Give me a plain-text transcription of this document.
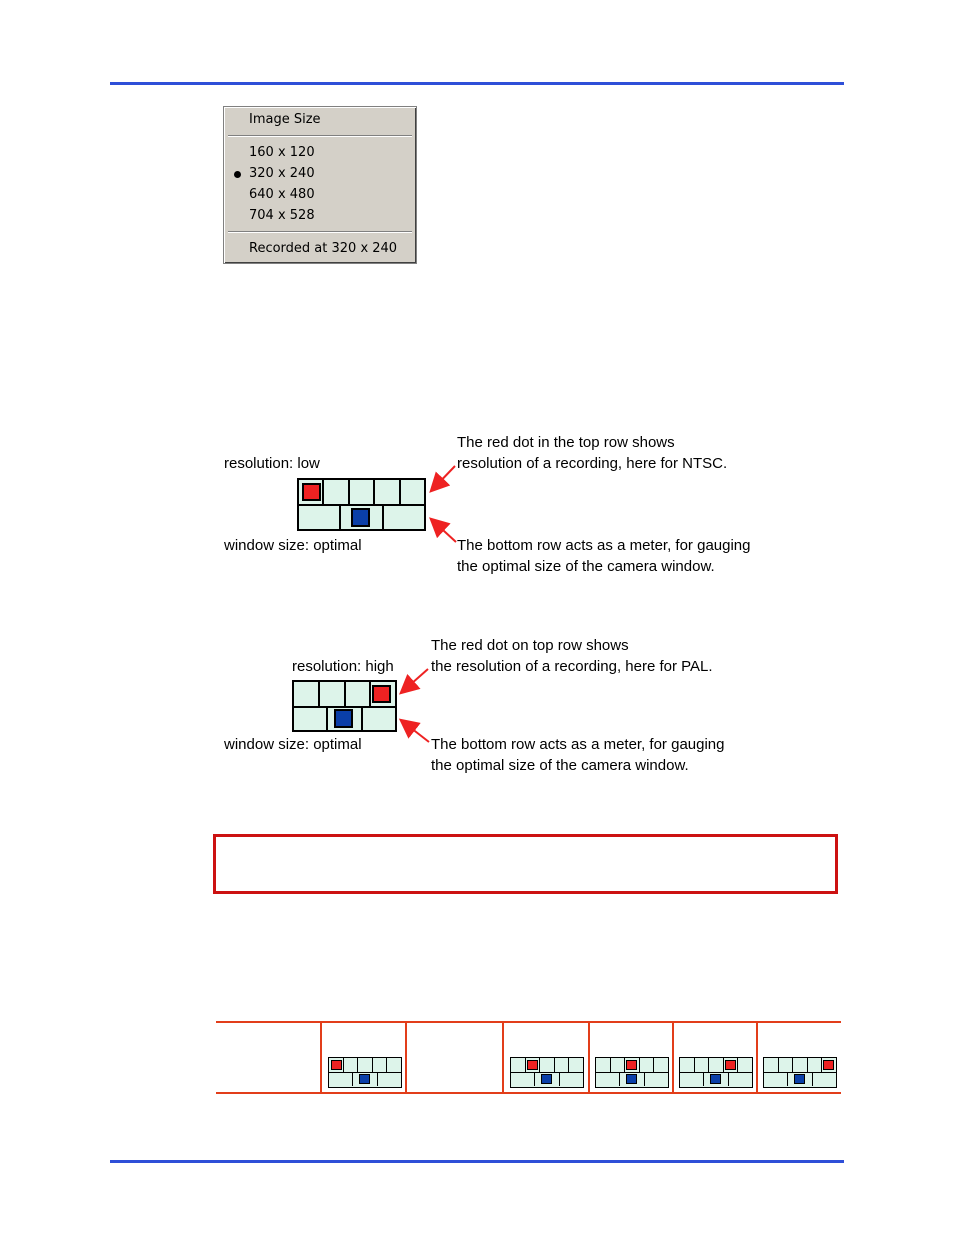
Image Size
160 x 120
320 x 240
640 x 480
704 x 528
Recorded at 320 x 240
resolution: low
window size: optimal
The red dot in the top row shows
resolution of a recording, here for NTSC.
The bottom row acts as a meter, for gauging
the optimal size of the camera window.
resolution: high
window size: optimal
The red dot on top row shows
the resolution of a recording, here for PAL.
The bottom row acts as a meter, for gauging
the optimal size of the camera window.
